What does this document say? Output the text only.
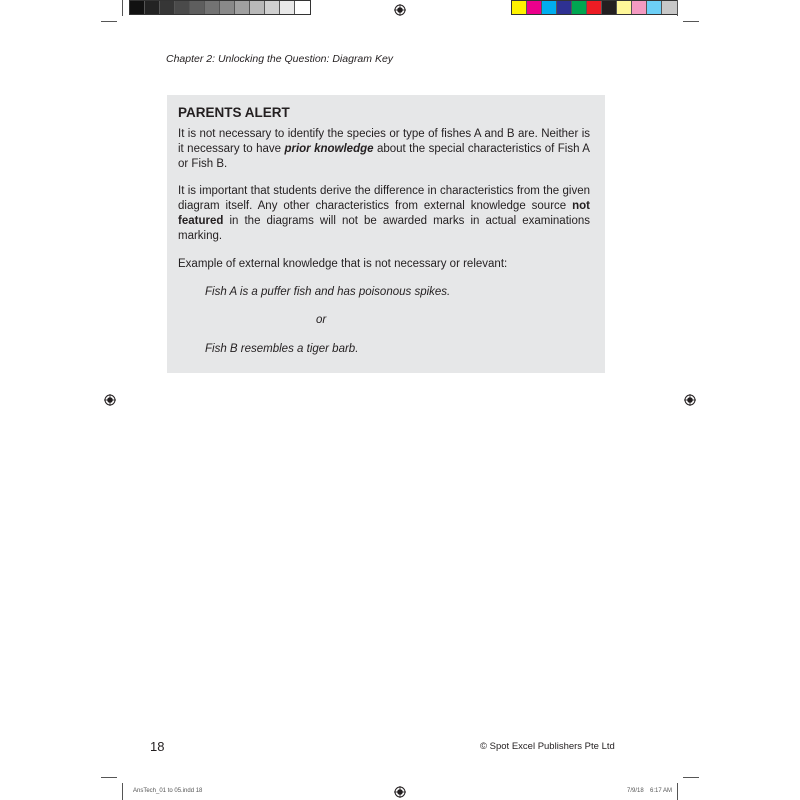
Chapter 2: Unlocking the Question: Diagram Key
PARENTS ALERT
It is not necessary to identify the species or type of fishes A and B are. Neither is it necessary to have prior knowledge about the special characteristics of Fish A or Fish B.
It is important that students derive the difference in characteristics from the given diagram itself. Any other characteristics from external knowledge source not featured in the diagrams will not be awarded marks in actual examinations marking.
Example of external knowledge that is not necessary or relevant:
Fish A is a puffer fish and has poisonous spikes.
or
Fish B resembles a tiger barb.
18	© Spot Excel Publishers Pte Ltd
AnsTech_01 to 05.indd 18	7/9/18 6:17 AM
